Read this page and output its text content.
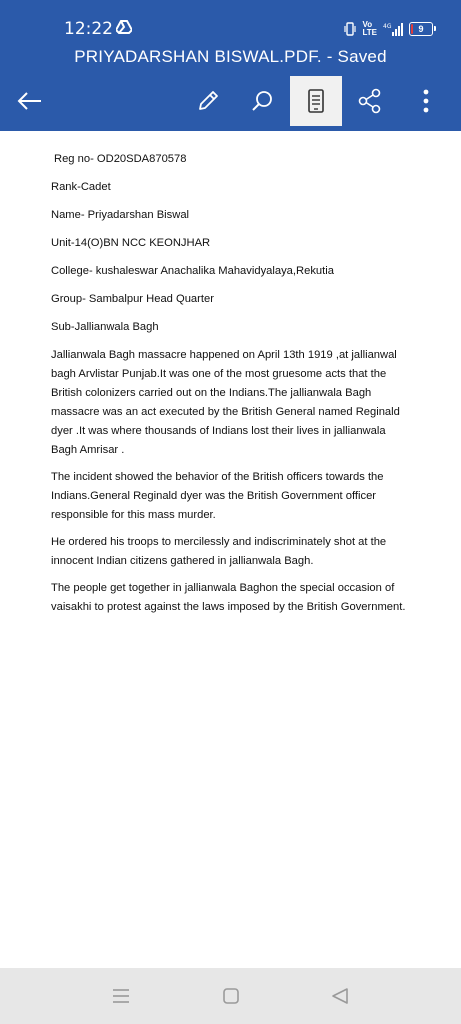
12:22	Vo
LTE
4G	9
PRIYADARSHAN BISWAL.PDF. - Saved

Reg no- OD20SDA870578

Rank-Cadet

Name- Priyadarshan Biswal

Unit-14(O)BN NCC KEONJHAR

College- kushaleswar Anachalika Mahavidyalaya,Rekutia

Group- Sambalpur Head Quarter

Sub-Jallianwala Bagh

Jallianwala Bagh massacre happened on April 13th 1919 ,at jallianwal bagh Arvlistar Punjab.It was one of the most gruesome acts that the British colonizers carried out on the Indians.The jallianwala Bagh massacre was an act executed by the British General named Reginald dyer .It was where thousands of Indians lost their lives in jallianwala Bagh Amrisar .

The incident showed the behavior of the British officers towards the Indians.General Reginald dyer was the British Government officer responsible for this mass murder.

He ordered his troops to mercilessly and indiscriminately shot at the innocent Indian citizens gathered in jallianwala Bagh.

The people get together in jallianwala Baghon the special occasion of vaisakhi to protest against the laws imposed by the British Government.
